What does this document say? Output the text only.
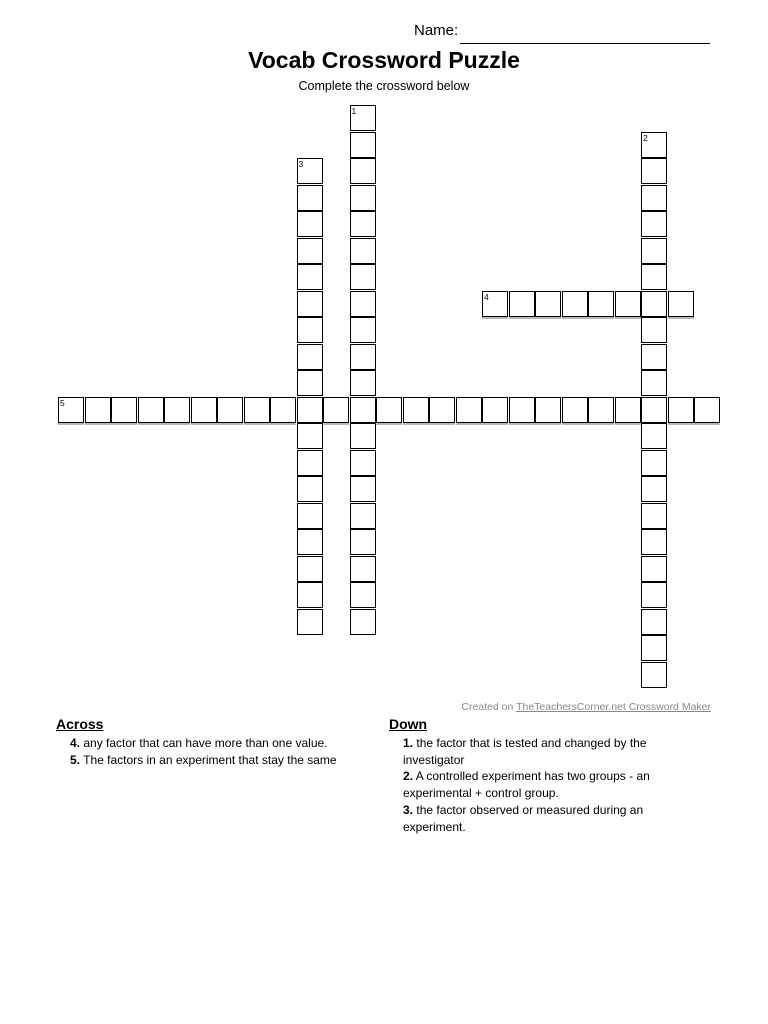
Name:
Vocab Crossword Puzzle
Complete the crossword below
1
2
3
4
5
Created on TheTeachersCorner.net Crossword Maker
Across
4. any factor that can have more than one value.
5. The factors in an experiment that stay the same
Down
1. the factor that is tested and changed by the investigator
2. A controlled experiment has two groups - an experimental + control group.
3. the factor observed or measured during an experiment.
